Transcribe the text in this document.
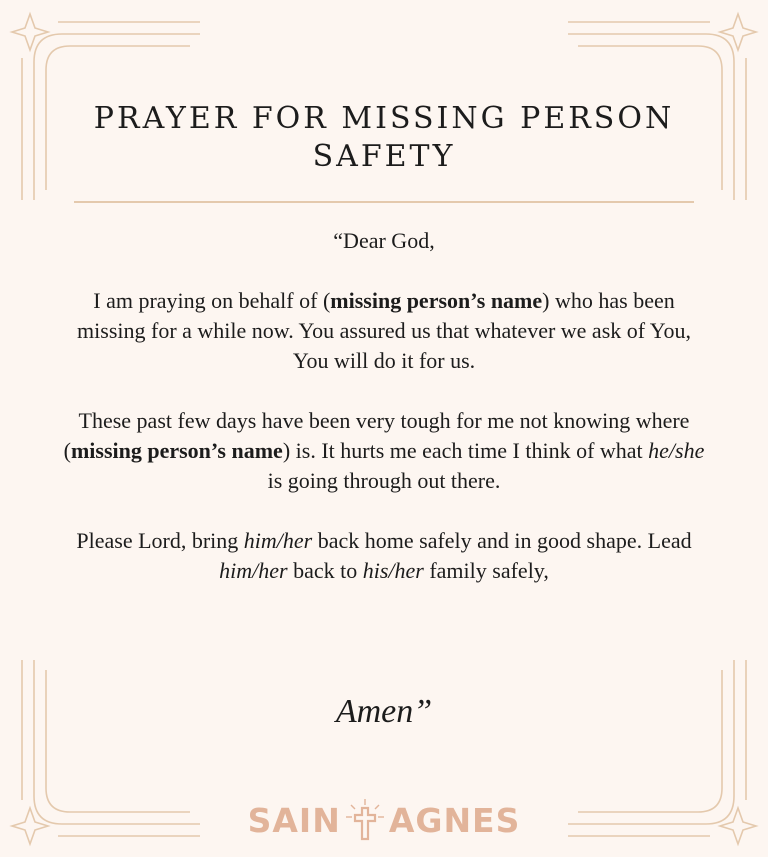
PRAYER FOR MISSING PERSON SAFETY

“Dear God,

I am praying on behalf of (missing person’s name) who has been missing for a while now. You assured us that whatever we ask of You, You will do it for us.

These past few days have been very tough for me not knowing where (missing person’s name) is. It hurts me each time I think of what he/she is going through out there.

Please Lord, bring him/her back home safely and in good shape. Lead him/her back to his/her family safely,

Amen”
SAIN AGNES
